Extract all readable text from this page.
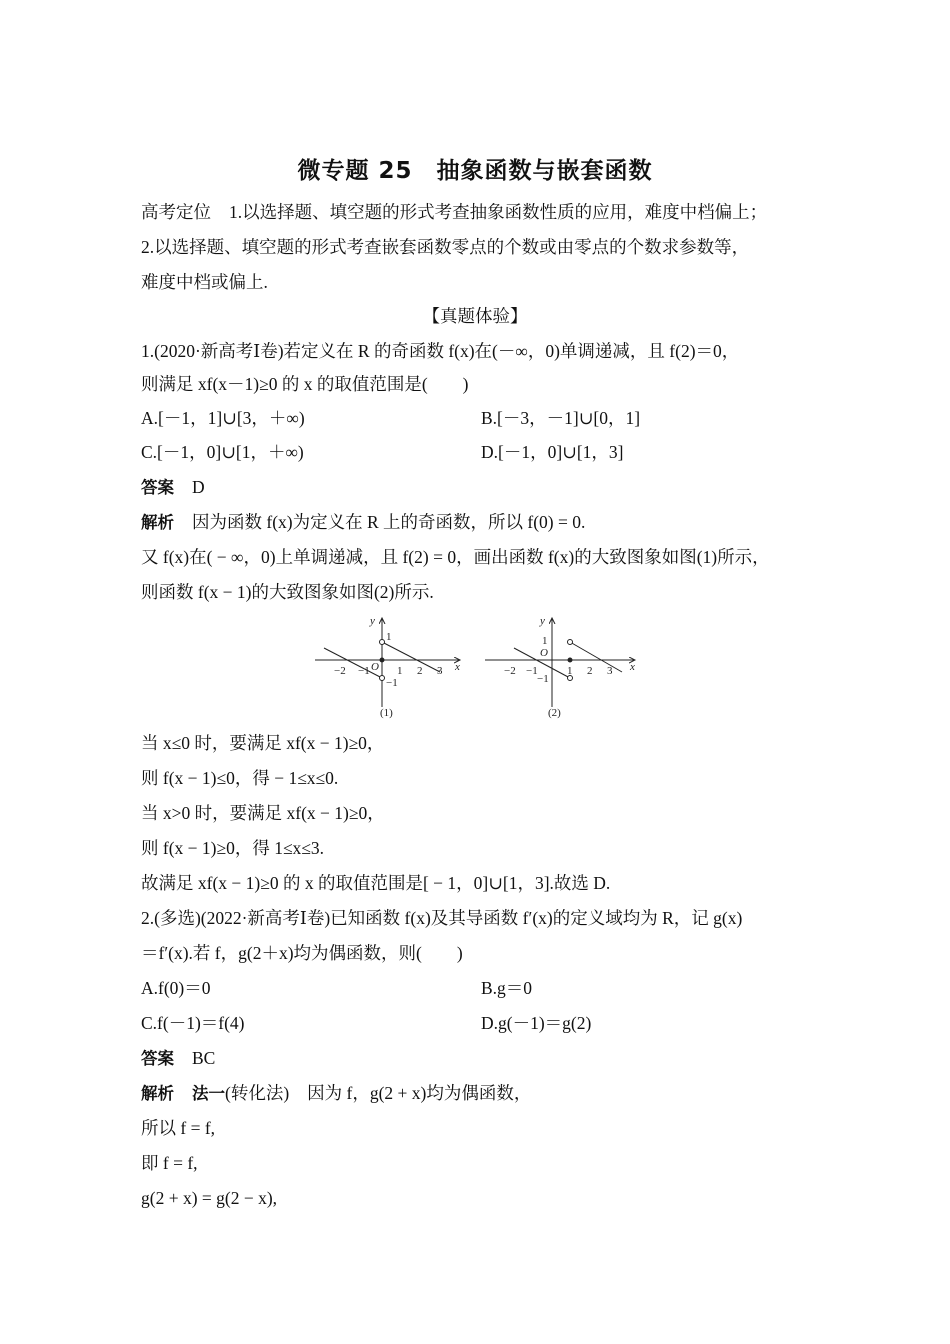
微专题 25　抽象函数与嵌套函数
高考定位 1.以选择题、填空题的形式考查抽象函数性质的应用，难度中档偏上；
2.以选择题、填空题的形式考查嵌套函数零点的个数或由零点的个数求参数等，
难度中档或偏上.
【真题体验】
1.(2020·新高考Ⅰ卷)若定义在 R 的奇函数 f(x)在(－∞，0)单调递减，且 f(2)＝0，
则满足 xf(x－1)≥0 的 x 的取值范围是(　　)
A.[－1，1]∪[3，＋∞)	B.[－3，－1]∪[0，1]
C.[－1，0]∪[1，＋∞)	D.[－1，0]∪[1，3]
答案 D
解析 因为函数 f(x)为定义在 R 上的奇函数，所以 f(0) = 0.
又 f(x)在( − ∞，0)上单调递减，且 f(2) = 0，画出函数 f(x)的大致图象如图(1)所示，
则函数 f(x − 1)的大致图象如图(2)所示.
y
x
O
1
−1
−2 −1 1 2 3
(1)
y
x
O
1
−1
−2 −1	1 2 3
(2)
当 x≤0 时，要满足 xf(x − 1)≥0，
则 f(x − 1)≤0，得 − 1≤x≤0.
当 x>0 时，要满足 xf(x − 1)≥0，
则 f(x − 1)≥0，得 1≤x≤3.
故满足 xf(x − 1)≥0 的 x 的取值范围是[ − 1，0]∪[1，3].故选 D.
2.(多选)(2022·新高考Ⅰ卷)已知函数 f(x)及其导函数 f′(x)的定义域均为 R，记 g(x)
＝f′(x).若 f，g(2＋x)均为偶函数，则(　　)
A.f(0)＝0	B.g＝0
C.f(－1)＝f(4)	D.g(－1)＝g(2)
答案 BC
解析 法一(转化法) 因为 f，g(2 + x)均为偶函数，
所以 f = f,
即 f = f,
g(2 + x) = g(2 − x),
